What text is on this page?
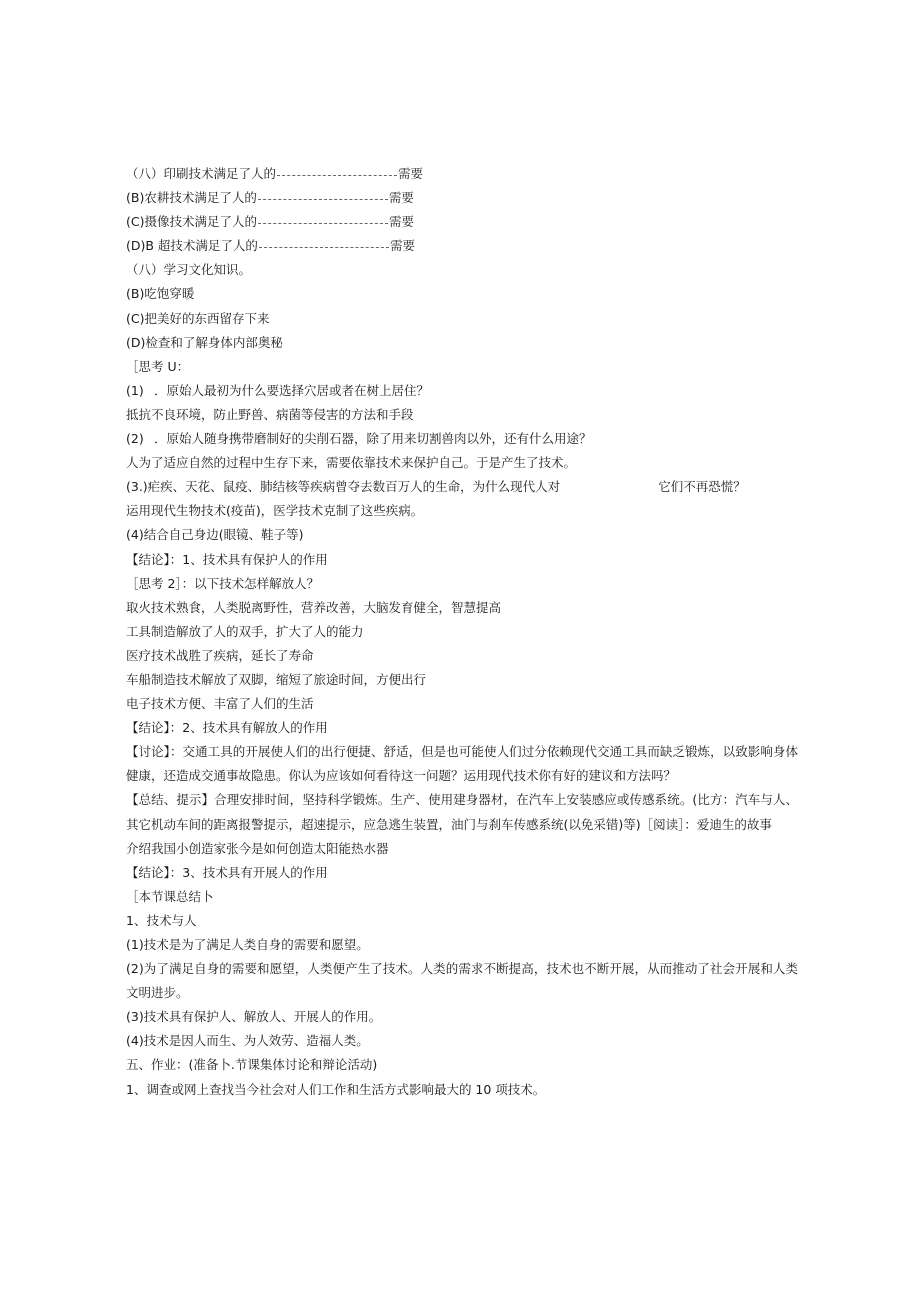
（八）印刷技术满足了人的	需要
(B)农耕技术满足了人的	需要
(C)摄像技术满足了人的	需要
(D)B 超技术满足了人的	需要
（八）学习文化知识。
(B)吃饱穿暖
(C)把美好的东西留存下来
(D)检查和了解身体内部奥秘
［思考 U：
(1) ．原始人最初为什么要选择穴居或者在树上居住？
抵抗不良环境，防止野兽、病菌等侵害的方法和手段
(2) ．原始人随身携带磨制好的尖削石器，除了用来切割兽肉以外，还有什么用途？
人为了适应自然的过程中生存下来，需要依靠技术来保护自己。于是产生了技术。
(3.)疟疾、天花、鼠疫、肺结核等疾病曾夺去数百万人的生命，为什么现代人对	它们不再恐慌？
运用现代生物技术(疫苗)，医学技术克制了这些疾病。
(4)结合自己身边(眼镜、鞋子等)
【结论】：1、技术具有保护人的作用
［思考 2］：以下技术怎样解放人？
取火技术熟食，人类脱离野性，营养改善，大脑发育健全，智慧提高
工具制造解放了人的双手，扩大了人的能力
医疗技术战胜了疾病，延长了寿命
车船制造技术解放了双脚，缩短了旅途时间，方便出行
电子技术方便、丰富了人们的生活
【结论】：2、技术具有解放人的作用
【讨论】：交通工具的开展使人们的出行便捷、舒适，但是也可能使人们过分依赖现代交通工具而缺乏锻炼，以致影响身体健康，还造成交通事故隐患。你认为应该如何看待这一问题？运用现代技术你有好的建议和方法吗？
【总结、提示】合理安排时间，坚持科学锻炼。生产、使用建身器材，在汽车上安装感应或传感系统。(比方：汽车与人、其它机动车间的距离报警提示，超速提示，应急逃生装置，油门与刹车传感系统(以免采错)等)［阅读］：爱迪生的故事
介绍我国小创造家张今是如何创造太阳能热水器
【结论】：3、技术具有开展人的作用
［本节课总结卜
1、技术与人
(1)技术是为了满足人类自身的需要和愿望。
(2)为了满足自身的需要和愿望，人类便产生了技术。人类的需求不断提高，技术也不断开展，从而推动了社会开展和人类文明进步。
(3)技术具有保护人、解放人、开展人的作用。
(4)技术是因人而生、为人效劳、造福人类。
五、作业：(准备卜.节课集体讨论和辩论活动)
1、调查或网上查找当今社会对人们工作和生活方式影响最大的 10 项技术。
